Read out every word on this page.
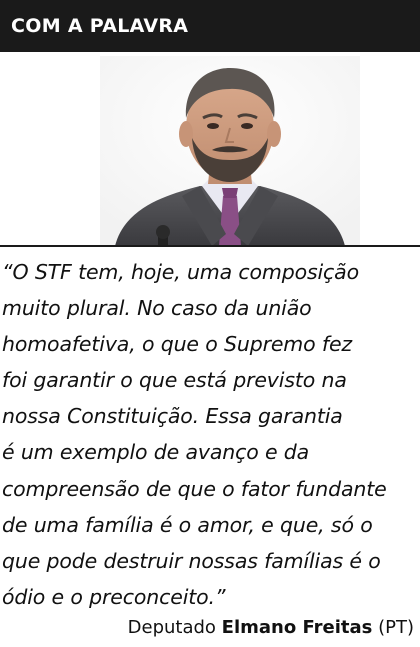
COM A PALAVRA

“O STF tem, hoje, uma composição
muito plural. No caso da união
homoafetiva, o que o Supremo fez
foi garantir o que está previsto na
nossa Constituição. Essa garantia
é um exemplo de avanço e da
compreensão de que o fator fundante
de uma família é o amor, e que, só o
que pode destruir nossas famílias é o
ódio e o preconceito.”

Deputado Elmano Freitas (PT)
